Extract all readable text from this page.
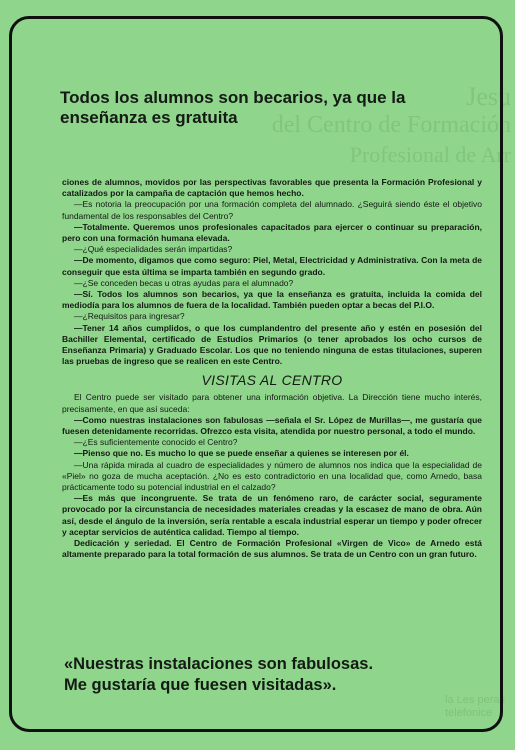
Jesu
del Centro de Formación
Profesional de Arr
la Les peras
telefonice
Todos los alumnos son becarios, ya que la enseñanza es gratuita

ciones de alumnos, movidos por las perspectivas favorables que presenta la Formación Profesional y catalizados por la campaña de captación que hemos hecho.

—Es notoria la preocupación por una formación completa del alumnado. ¿Seguirá siendo éste el objetivo fundamental de los responsables del Centro?

—Totalmente. Queremos unos profesionales capacitados para ejercer o continuar su preparación, pero con una formación humana elevada.

—¿Qué especialidades serán impartidas?

—De momento, digamos que como seguro: Piel, Metal, Electricidad y Administrativa. Con la meta de conseguir que esta última se imparta también en segundo grado.

—¿Se conceden becas u otras ayudas para el alumnado?

—Sí. Todos los alumnos son becarios, ya que la enseñanza es gratuita, incluida la comida del mediodía para los alumnos de fuera de la localidad. También pueden optar a becas del P.I.O.

—¿Requisitos para ingresar?

—Tener 14 años cumplidos, o que los cumplandentro del presente año y estén en posesión del Bachiller Elemental, certificado de Estudios Primarios (o tener aprobados los ocho cursos de Enseñanza Primaria) y Graduado Escolar. Los que no teniendo ninguna de estas titulaciones, superen las pruebas de ingreso que se realicen en este Centro.

VISITAS AL CENTRO

El Centro puede ser visitado para obtener una información objetiva. La Dirección tiene mucho interés, precisamente, en que así suceda:

—Como nuestras instalaciones son fabulosas —señala el Sr. López de Murillas—, me gustaría que fuesen detenidamente recorridas. Ofrezco esta visita, atendida por nuestro personal, a todo el mundo.

—¿Es suficientemente conocido el Centro?

—Pienso que no. Es mucho lo que se puede enseñar a quienes se interesen por él.

—Una rápida mirada al cuadro de especialidades y número de alumnos nos indica que la especialidad de «Piel» no goza de mucha aceptación. ¿No es esto contradictorio en una localidad que, como Arnedo, basa prácticamente todo su potencial industrial en el calzado?

—Es más que incongruente. Se trata de un fenómeno raro, de carácter social, seguramente provocado por la circunstancia de necesidades materiales creadas y la escasez de mano de obra. Aún así, desde el ángulo de la inversión, sería rentable a escala industrial esperar un tiempo y poder ofrecer y aceptar servicios de auténtica calidad. Tiempo al tiempo.

Dedicación y seriedad. El Centro de Formación Profesional «Virgen de Vico» de Arnedo está altamente preparado para la total formación de sus alumnos. Se trata de un Centro con un gran futuro.

«Nuestras instalaciones son fabulosas.
Me gustaría que fuesen visitadas».
